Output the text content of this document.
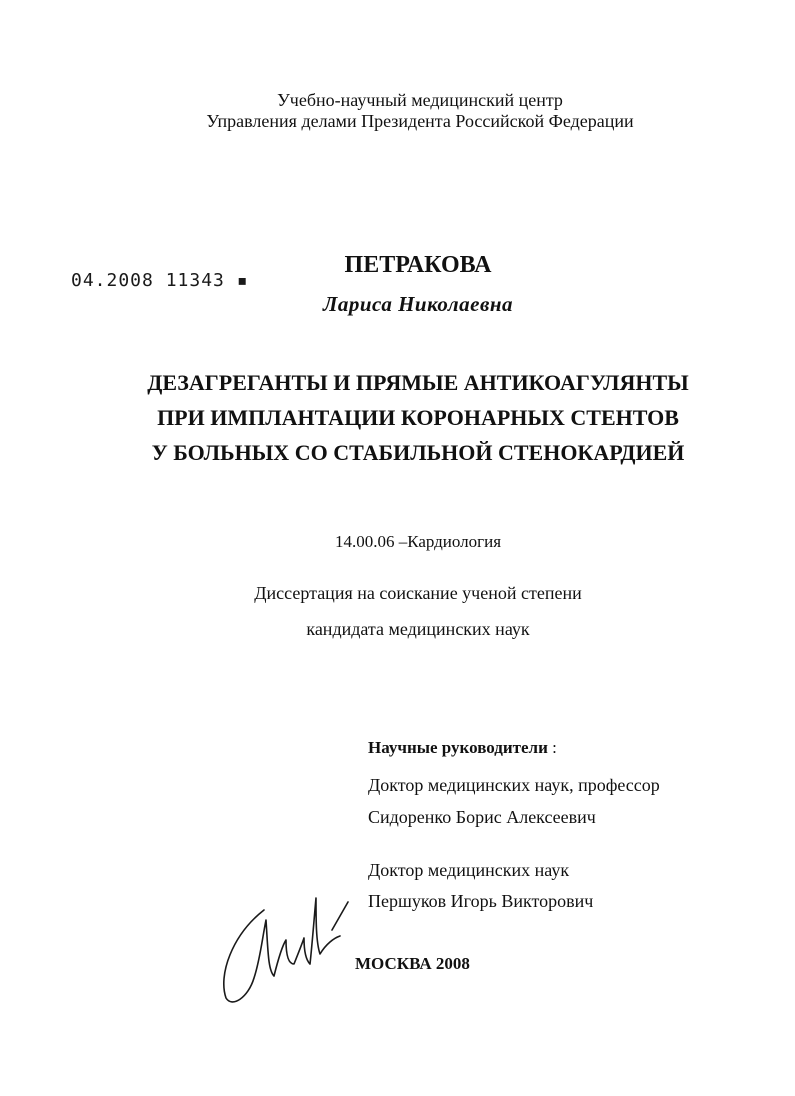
Учебно-научный медицинский центр
Управления делами Президента Российской Федерации
04.2008 11343 ▪
ПЕТРАКОВА
Лариса Николаевна
ДЕЗАГРЕГАНТЫ И ПРЯМЫЕ АНТИКОАГУЛЯНТЫ
ПРИ ИМПЛАНТАЦИИ КОРОНАРНЫХ СТЕНТОВ
У БОЛЬНЫХ СО СТАБИЛЬНОЙ СТЕНОКАРДИЕЙ
14.00.06 –Кардиология
Диссертация на соискание ученой степени
кандидата медицинских наук
Научные руководители :
Доктор медицинских наук, профессор
Сидоренко Борис Алексеевич
Доктор медицинских наук
Першуков Игорь Викторович
МОСКВА 2008
